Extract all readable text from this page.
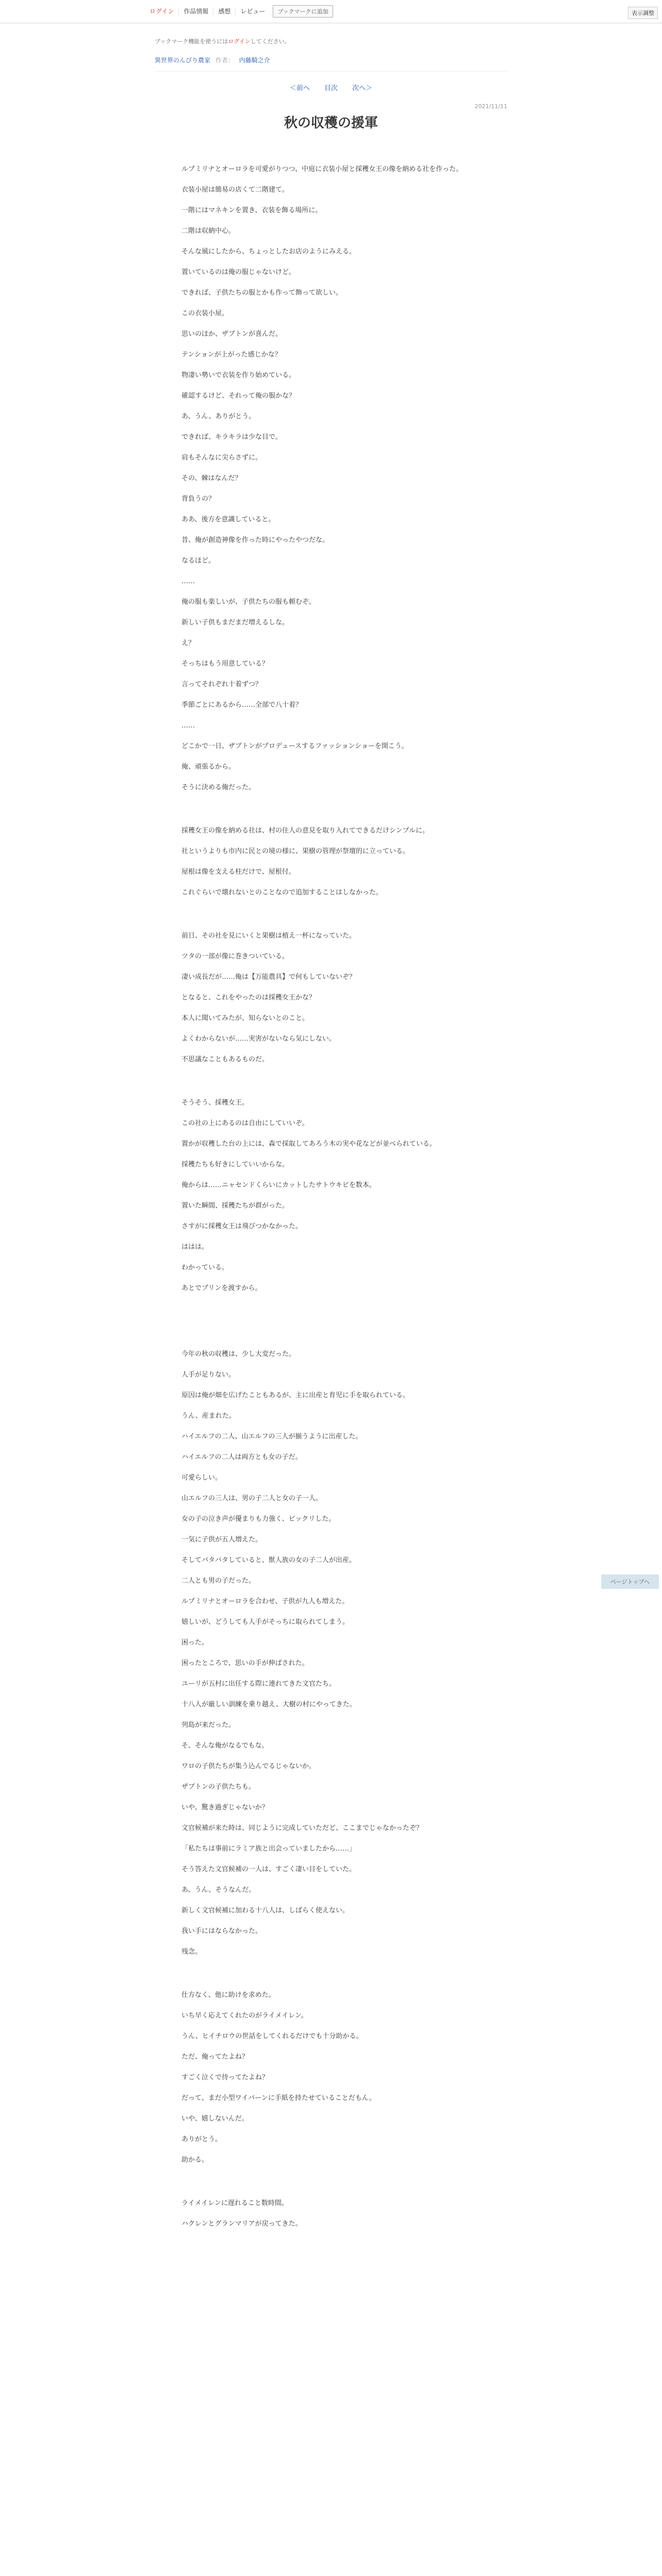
ログイン	作品情報	感想	レビュー	ブックマークに追加	表示調整
ブックマーク機能を使うにはログインしてください。
異世界のんびり農家 作者： 内藤騎之介
＜前へ 目次 次へ＞
2021/11/11
秋の収穫の援軍

ルプミリナとオーロラを可愛がりつつ、中庭に衣装小屋と採穫女王の像を納める社を作った。

衣装小屋は簡易の店くて二階建て。

一階にはマネキンを置き、衣装を飾る場所に。

二階は収納中心。

そんな風にしたから、ちょっとしたお店のようにみえる。

置いているのは俺の服じゃないけど。

できれば、子供たちの服とかも作って飾って欲しい。

この衣装小屋。

思いのほか、ザブトンが喜んだ。

テンションが上がった感じかな？

物凄い勢いで衣装を作り始めている。

確認するけど、それって俺の服かな？

あ、うん、ありがとう。

できれば、キラキラは少な目で。

肩もそんなに尖らさずに。

その、棘はなんだ？

背負うの？

ああ、後方を意識していると。

昔、俺が創造神像を作った時にやったやつだな。

なるほど。

……

俺の服も楽しいが、子供たちの服も頼むぞ。

新しい子供もまだまだ増えるしな。

え？

そっちはもう用意している？

言ってそれぞれ十着ずつ？

季節ごとにあるから……全部で八十着？

……

どこかで一日、ザブトンがプロデュースするファッションショーを開こう。

俺、頑張るから。

そうに決める俺だった。

採穫女王の像を納める社は、村の住人の意見を取り入れてできるだけシンプルに。

社というよりも市内に民との境の様に、果樹の管理が祭壇的に立っている。

屋根は像を支える柱だけで、屋根付。

これぐらいで壊れないとのことなので追加することはしなかった。

前日、その社を見にいくと果樹は植え一杯になっていた。

ツタの一部が像に巻きついている。

凄い成長だが……俺は【万能農具】で何もしていないぞ？

となると、これをやったのは採穫女王かな？

本人に聞いてみたが、知らないとのこと。

よくわからないが……実害がないなら気にしない。

不思議なこともあるものだ。

そうそう、採穫女王。

この社の上にあるのは自由にしていいぞ。

置かが収穫した台の上には、森で採取してあろう木の実や花などが並べられている。

採穫たちも好きにしていいからな。

俺からは……ニャセンドくらいにカットしたサトウキビを数本。

置いた瞬間、採穫たちが群がった。

さすがに採穫女王は飛びつかなかった。

ははは。

わかっている。

あとでプリンを渡すから。

今年の秋の収穫は、少し大変だった。

人手が足りない。

原因は俺が畑を広げたこともあるが、主に出産と育児に手を取られている。

うん、産まれた。

ハイエルフの二人、山エルフの三人が揃うように出産した。

ハイエルフの二人は両方とも女の子だ。

可愛らしい。

山エルフの三人は、男の子二人と女の子一人。

女の子の泣き声が優まりも力強く、ビックリした。

一気に子供が五人増えた。

そしてバタバタしていると、獣人族の女の子二人が出産。

二人とも男の子だった。

ルプミリナとオーロラを合わせ、子供が九人も増えた。

嬉しいが、どうしても人手がそっちに取られてしまう。

困った。

困ったところで、思いの手が伸ばされた。

ユーリが五村に出任する際に連れてきた文官たち。

十八人が厳しい訓練を乗り越え、大樹の村にやってきた。

列島が来だった。

そ、そんな俺がなるでもな。

ワロの子供たちが集う込んでるじゃないか。

ザブトンの子供たちも。

いや、驚き過ぎじゃないか？

文官候補が来た時は、同じように完成していただど、ここまでじゃなかったぞ？

「私たちは事前にラミア族と出会っていましたから……」

そう答えた文官候補の一人は、すごく凄い目をしていた。

あ、うん、そうなんだ。

新しく文官候補に加わる十八人は、しばらく使えない。

我い手にはならなかった。

残念。

仕方なく、他に助けを求めた。

いち早く応えてくれたのがライメイレン。

うん、ヒイチロウの世話をしてくれるだけでも十分助かる。

ただ、俺ってたよね？

すごく泣くで待ってたよね？

だって、まだ小型ワイバーンに手紙を持たせていることだもん。

いや、嬉しないんだ。

ありがとう。

助かる。

ライメイレンに遅れること数時間。

ハクレンとグランマリアが戻ってきた。

ページトップへ
